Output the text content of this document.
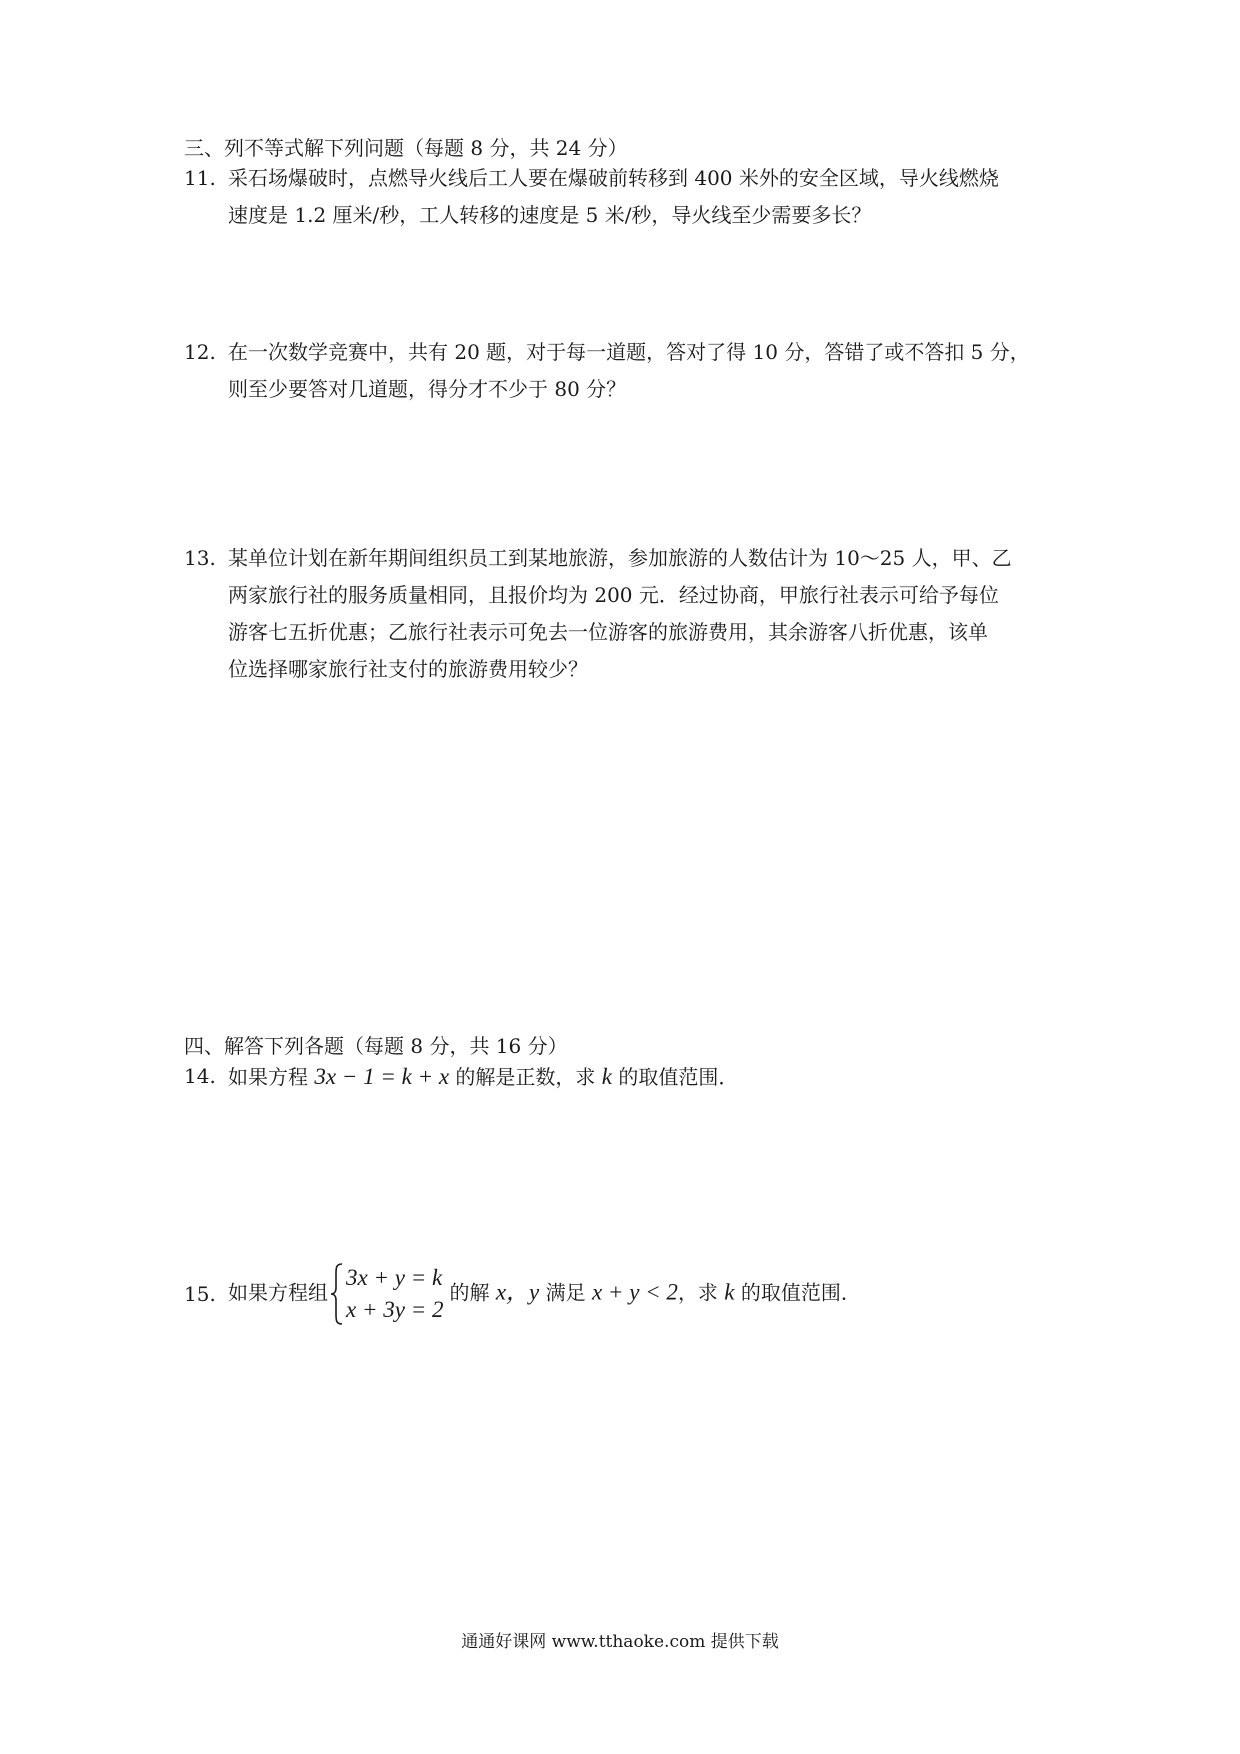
三、列不等式解下列问题（每题 8 分，共 24 分）
11. 采石场爆破时，点燃导火线后工人要在爆破前转移到 400 米外的安全区域，导火线燃烧
速度是 1.2 厘米/秒，工人转移的速度是 5 米/秒，导火线至少需要多长？
12. 在一次数学竞赛中，共有 20 题，对于每一道题，答对了得 10 分，答错了或不答扣 5 分，
则至少要答对几道题，得分才不少于 80 分？
13. 某单位计划在新年期间组织员工到某地旅游，参加旅游的人数估计为 10～25 人，甲、乙
两家旅行社的服务质量相同，且报价均为 200 元．经过协商，甲旅行社表示可给予每位
游客七五折优惠；乙旅行社表示可免去一位游客的旅游费用，其余游客八折优惠，该单
位选择哪家旅行社支付的旅游费用较少？
四、解答下列各题（每题 8 分，共 16 分）
14. 如果方程 3x − 1 = k + x 的解是正数，求 k 的取值范围．
15. 如果方程组
3x + y = k
x + 3y = 2
的解 x，y 满足 x + y < 2，求 k 的取值范围．
通通好课网 www.tthaoke.com 提供下载
